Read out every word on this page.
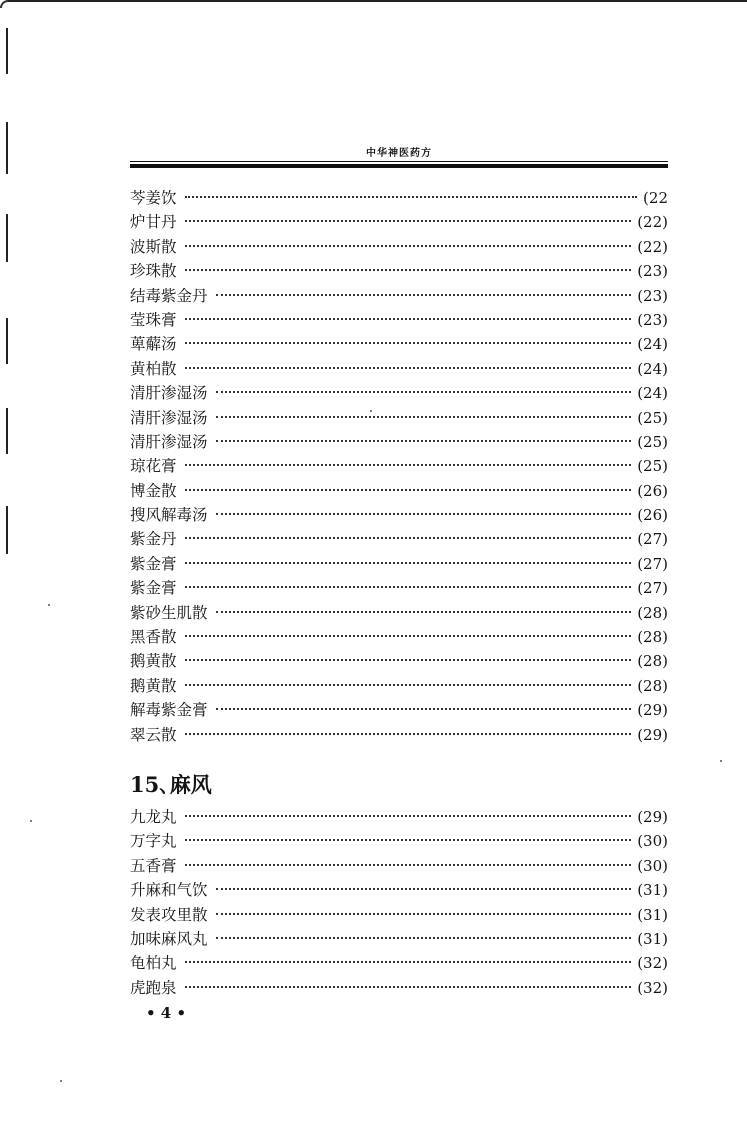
中华神医药方
芩姜饮	(22
炉甘丹	(22)
波斯散	(22)
珍珠散	(23)
结毒紫金丹	(23)
莹珠膏	(23)
萆薢汤	(24)
黄柏散	(24)
清肝渗湿汤	(24)
清肝渗湿汤	(25)
清肝渗湿汤	(25)
琼花膏	(25)
博金散	(26)
搜风解毒汤	(26)
紫金丹	(27)
紫金膏	(27)
紫金膏	(27)
紫砂生肌散	(28)
黑香散	(28)
鹅黄散	(28)
鹅黄散	(28)
解毒紫金膏	(29)
翠云散	(29)
15､麻风
九龙丸	(29)
万字丸	(30)
五香膏	(30)
升麻和气饮	(31)
发表攻里散	(31)
加味麻风丸	(31)
龟柏丸	(32)
虎跑泉	(32)
• 4 •
